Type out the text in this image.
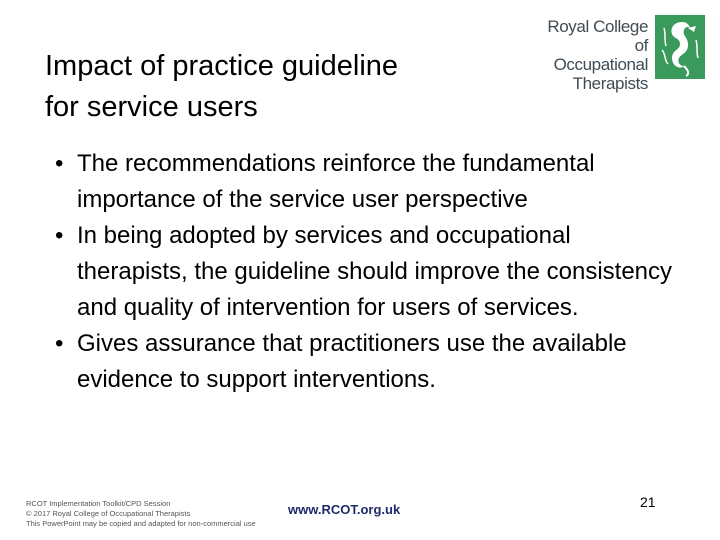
Impact of practice guideline
for service users
Royal College of
Occupational
Therapists
• The recommendations reinforce the fundamental importance of the service user perspective
• In being adopted by services and occupational therapists, the guideline should improve the consistency and quality of intervention for users of services.
• Gives assurance that practitioners use the available evidence to support interventions.
RCOT Implementation Toolkit/CPD Session
© 2017 Royal College of Occupational Therapists
This PowerPoint may be copied and adapted for non-commercial use
www.RCOT.org.uk	21
